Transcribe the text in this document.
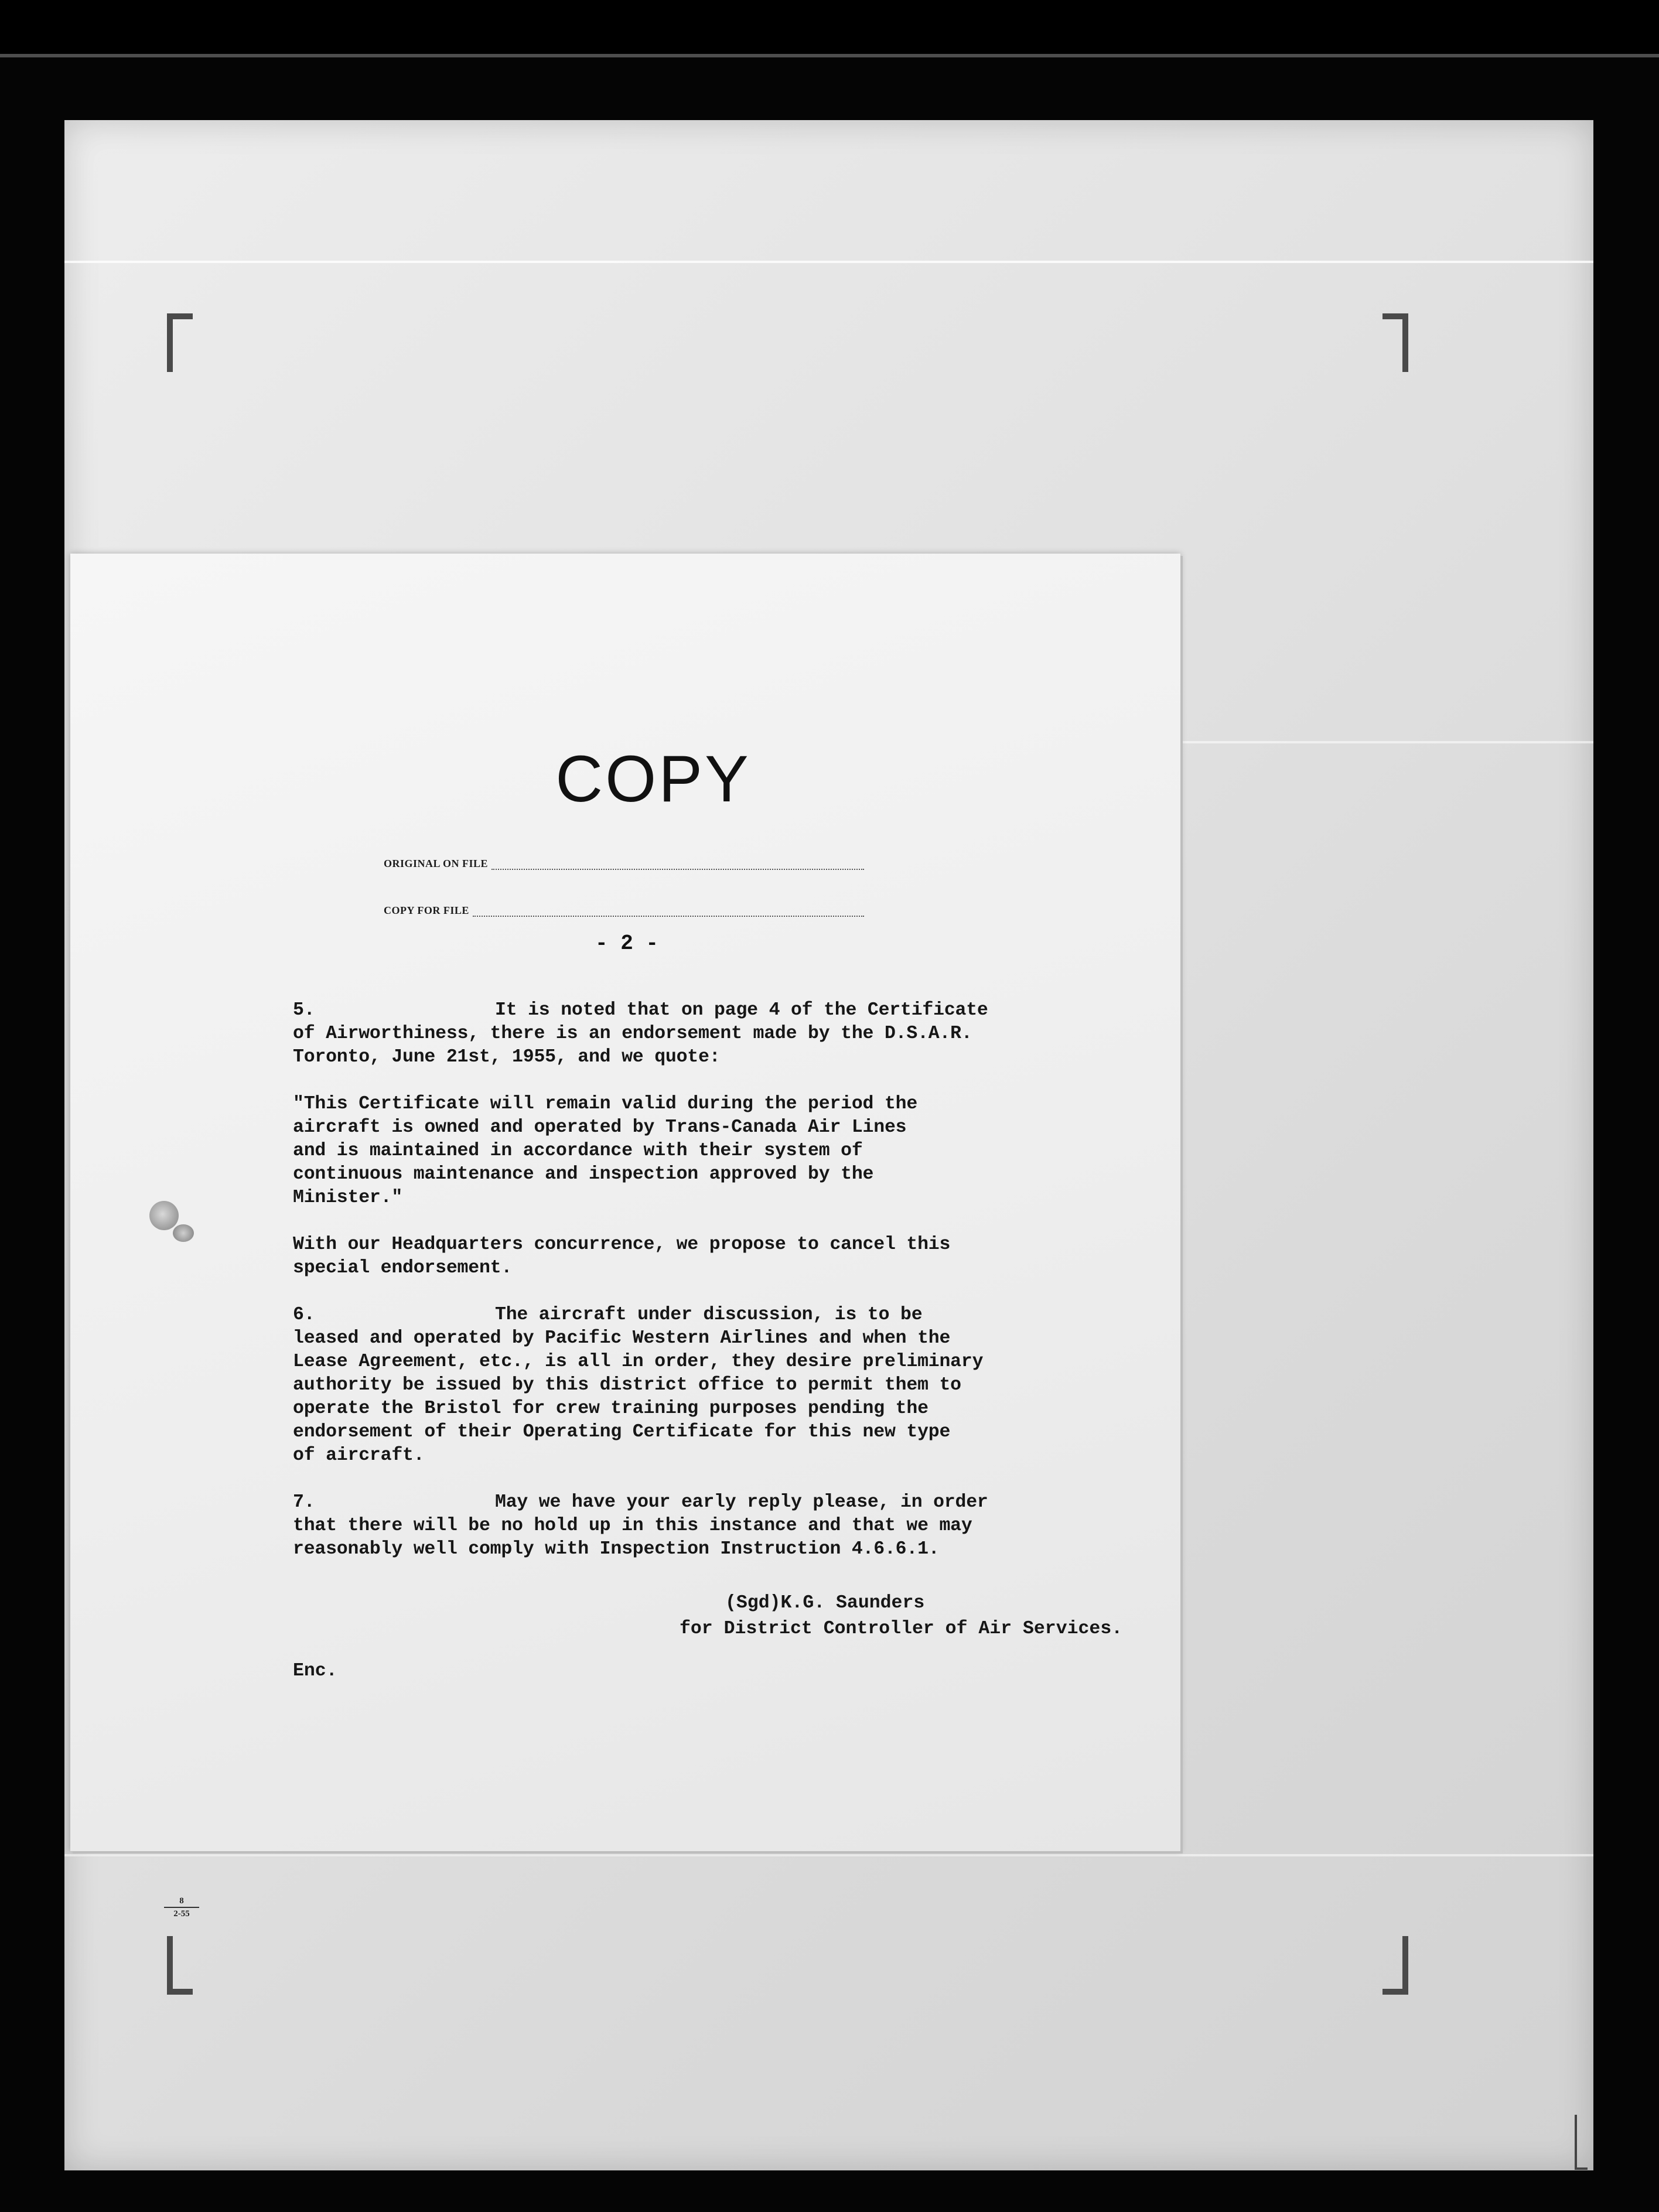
COPY
ORIGINAL ON FILE
COPY FOR FILE
- 2 -
5.	It is noted that on page 4 of the Certificate
of Airworthiness, there is an endorsement made by the D.S.A.R.
Toronto, June 21st, 1955, and we quote:
"This Certificate will remain valid during the period the
aircraft is owned and operated by Trans-Canada Air Lines
and is maintained in accordance with their system of
continuous maintenance and inspection approved by the
Minister."
With our Headquarters concurrence, we propose to cancel this
special endorsement.
6.	The aircraft under discussion, is to be
leased and operated by Pacific Western Airlines and when the
Lease Agreement, etc., is all in order, they desire preliminary
authority be issued by this district office to permit them to
operate the Bristol for crew training purposes pending the
endorsement of their Operating Certificate for this new type
of aircraft.
7.	May we have your early reply please, in order
that there will be no hold up in this instance and that we may
reasonably well comply with Inspection Instruction 4.6.6.1.
(Sgd)K.G. Saunders
for District Controller of Air Services.
Enc.
8
2-55
